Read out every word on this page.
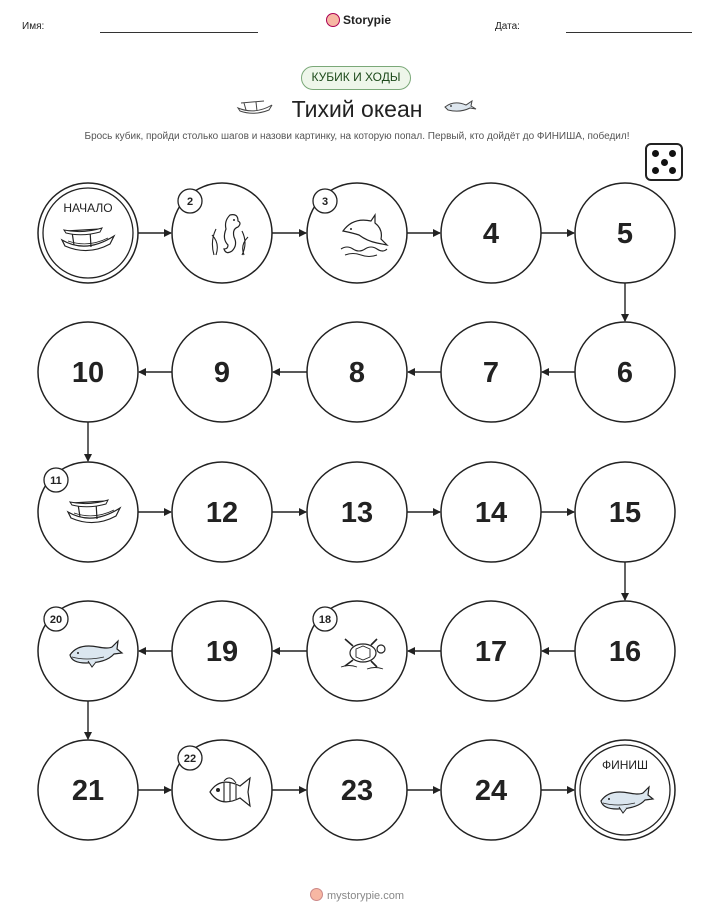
Имя:	Storypie	Дата:
КУБИК И ХОДЫ
Тихий океан
Брось кубик, пройди столько шагов и назови картинку, на которую попал. Первый, кто дойдёт до ФИНИША, победил!
НАЧАЛО	2	3
4	5
6
7
8
9
10
11
12	13	14	15
16
17
18
19
20
21
22
23	24
ФИНИШ
mystorypie.com
